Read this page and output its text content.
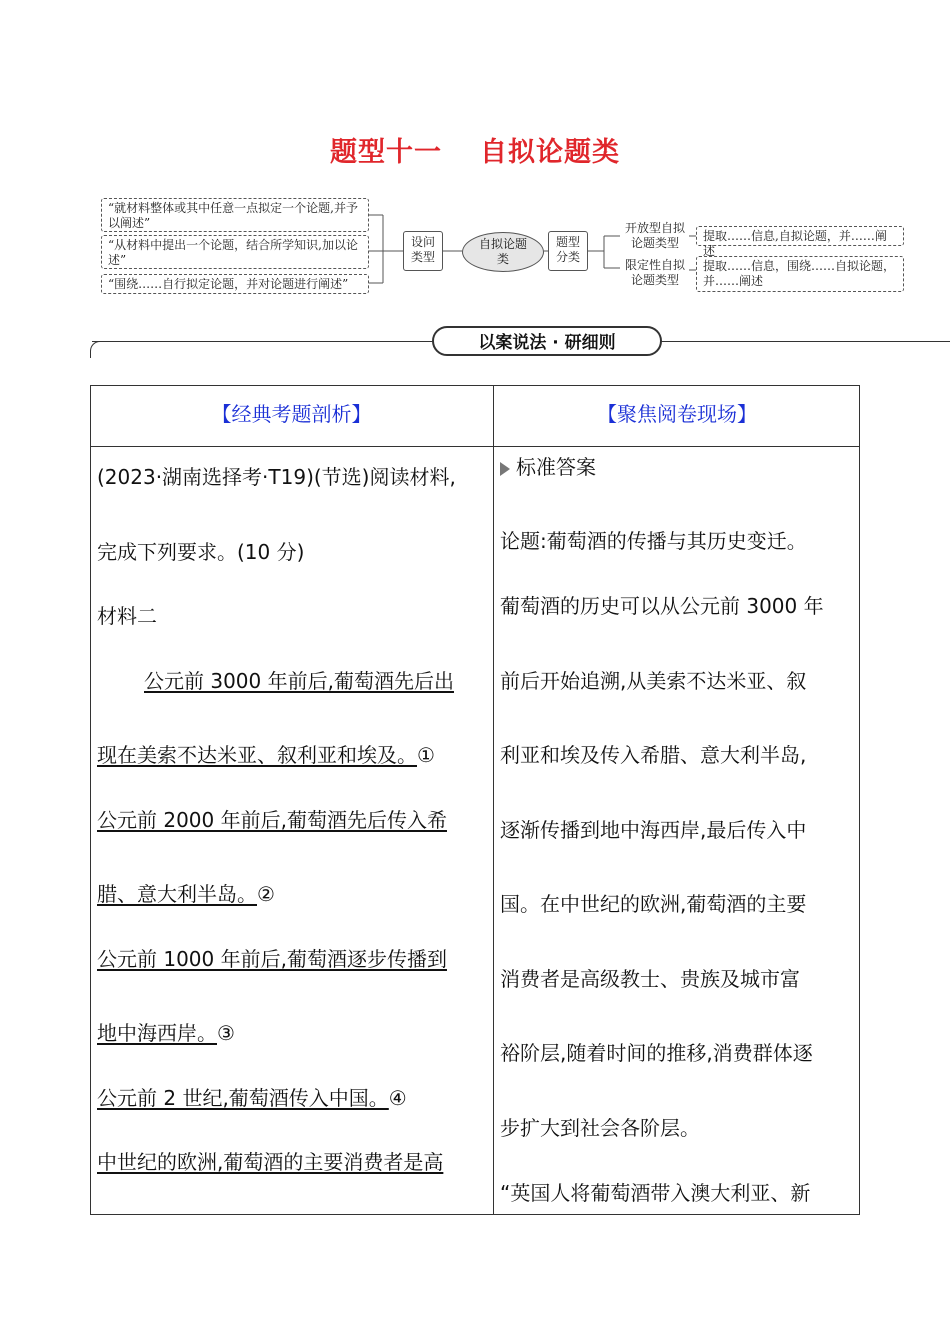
题型十一 自拟论题类
“就材料整体或其中任意一点拟定一个论题,并予以阐述”
“从材料中提出一个论题，结合所学知识,加以论述”
“围绕……自行拟定论题，并对论题进行阐述”
设问类型
自拟论题类
题型分类
开放型自拟论题类型
限定性自拟论题类型
提取……信息,自拟论题，并……阐述
提取……信息，围绕……自拟论题，并……阐述
以案说法 · 研细则
【经典考题剖析】	【聚焦阅卷现场】
(2023·湖南选择考·T19)(节选)阅读材料,
完成下列要求。(10 分)
材料二
公元前 3000 年前后,葡萄酒先后出
现在美索不达米亚、叙利亚和埃及。①
公元前 2000 年前后,葡萄酒先后传入希
腊、意大利半岛。②
公元前 1000 年前后,葡萄酒逐步传播到
地中海西岸。③
公元前 2 世纪,葡萄酒传入中国。④
中世纪的欧洲,葡萄酒的主要消费者是高
标准答案
论题:葡萄酒的传播与其历史变迁。
葡萄酒的历史可以从公元前 3000 年
前后开始追溯,从美索不达米亚、叙
利亚和埃及传入希腊、意大利半岛,
逐渐传播到地中海西岸,最后传入中
国。在中世纪的欧洲,葡萄酒的主要
消费者是高级教士、贵族及城市富
裕阶层,随着时间的推移,消费群体逐
步扩大到社会各阶层。
“英国人将葡萄酒带入澳大利亚、新
